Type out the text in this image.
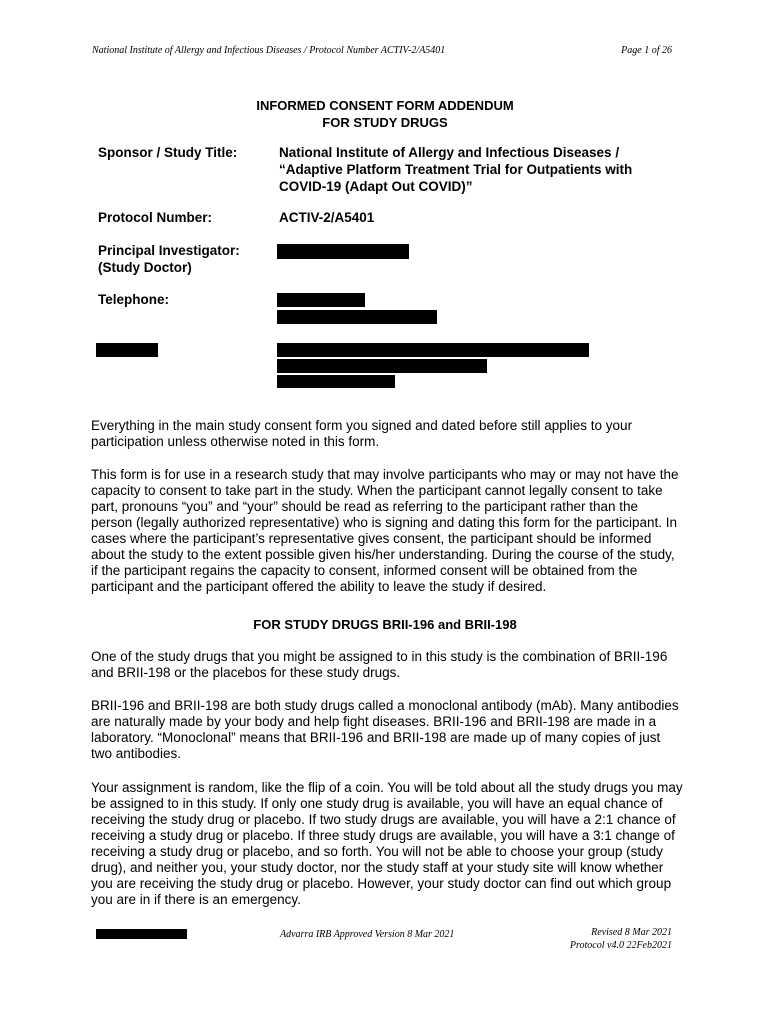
National Institute of Allergy and Infectious Diseases / Protocol Number ACTIV-2/A5401	Page 1 of 26
INFORMED CONSENT FORM ADDENDUM
FOR STUDY DRUGS
Sponsor / Study Title:	National Institute of Allergy and Infectious Diseases / “Adaptive Platform Treatment Trial for Outpatients with COVID-19 (Adapt Out COVID)”
Protocol Number:	ACTIV-2/A5401
Principal Investigator:
(Study Doctor)
Telephone:

Everything in the main study consent form you signed and dated before still applies to your participation unless otherwise noted in this form.

This form is for use in a research study that may involve participants who may or may not have the capacity to consent to take part in the study. When the participant cannot legally consent to take part, pronouns “you” and “your” should be read as referring to the participant rather than the person (legally authorized representative) who is signing and dating this form for the participant. In cases where the participant’s representative gives consent, the participant should be informed about the study to the extent possible given his/her understanding. During the course of the study, if the participant regains the capacity to consent, informed consent will be obtained from the participant and the participant offered the ability to leave the study if desired.

FOR STUDY DRUGS BRII-196 and BRII-198

One of the study drugs that you might be assigned to in this study is the combination of BRII-196 and BRII-198 or the placebos for these study drugs.

BRII-196 and BRII-198 are both study drugs called a monoclonal antibody (mAb). Many antibodies are naturally made by your body and help fight diseases. BRII-196 and BRII-198 are made in a laboratory. “Monoclonal” means that BRII-196 and BRII-198 are made up of many copies of just two antibodies.

Your assignment is random, like the flip of a coin. You will be told about all the study drugs you may be assigned to in this study. If only one study drug is available, you will have an equal chance of receiving the study drug or placebo. If two study drugs are available, you will have a 2:1 chance of receiving a study drug or placebo. If three study drugs are available, you will have a 3:1 change of receiving a study drug or placebo, and so forth. You will not be able to choose your group (study drug), and neither you, your study doctor, nor the study staff at your study site will know whether you are receiving the study drug or placebo. However, your study doctor can find out which group you are in if there is an emergency.

Advarra IRB Approved Version 8 Mar 2021	Revised 8 Mar 2021
Protocol v4.0 22Feb2021
